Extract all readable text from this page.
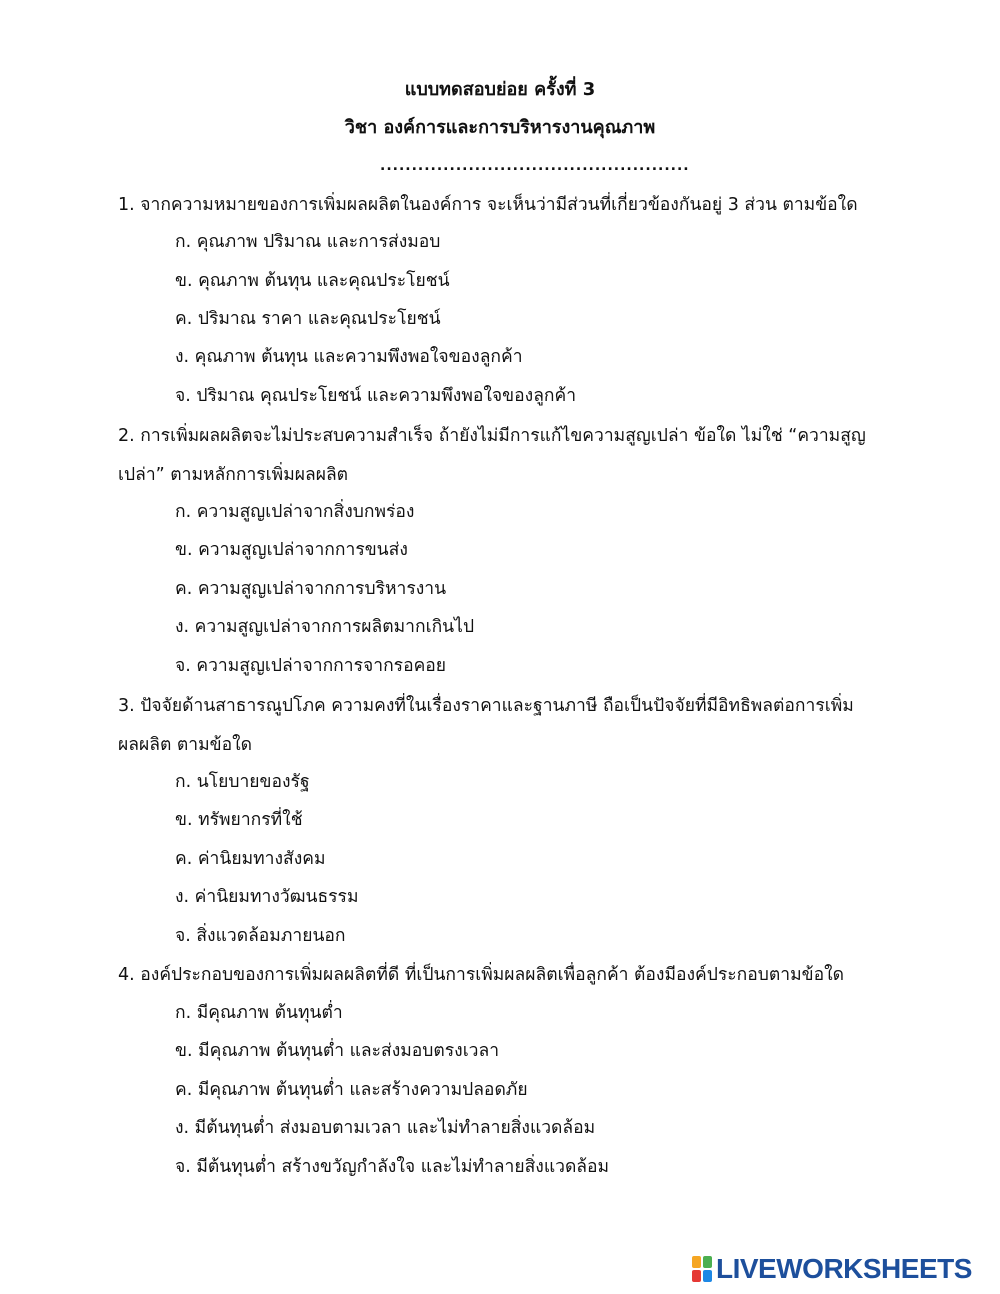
แบบทดสอบย่อย ครั้งที่ 3
วิชา องค์การและการบริหารงานคุณภาพ
.................................................
1. จากความหมายของการเพิ่มผลผลิตในองค์การ จะเห็นว่ามีส่วนที่เกี่ยวข้องกันอยู่ 3 ส่วน ตามข้อใด
ก. คุณภาพ ปริมาณ และการส่งมอบ
ข. คุณภาพ ต้นทุน และคุณประโยชน์
ค. ปริมาณ ราคา และคุณประโยชน์
ง. คุณภาพ ต้นทุน และความพึงพอใจของลูกค้า
จ. ปริมาณ คุณประโยชน์ และความพึงพอใจของลูกค้า
2. การเพิ่มผลผลิตจะไม่ประสบความสำเร็จ ถ้ายังไม่มีการแก้ไขความสูญเปล่า ข้อใด ไม่ใช่ “ความสูญเปล่า” ตามหลักการเพิ่มผลผลิต
ก. ความสูญเปล่าจากสิ่งบกพร่อง
ข. ความสูญเปล่าจากการขนส่ง
ค. ความสูญเปล่าจากการบริหารงาน
ง. ความสูญเปล่าจากการผลิตมากเกินไป
จ. ความสูญเปล่าจากการจากรอคอย
3. ปัจจัยด้านสาธารณูปโภค ความคงที่ในเรื่องราคาและฐานภาษี ถือเป็นปัจจัยที่มีอิทธิพลต่อการเพิ่มผลผลิต ตามข้อใด
ก. นโยบายของรัฐ
ข. ทรัพยากรที่ใช้
ค. ค่านิยมทางสังคม
ง. ค่านิยมทางวัฒนธรรม
จ. สิ่งแวดล้อมภายนอก
4. องค์ประกอบของการเพิ่มผลผลิตที่ดี ที่เป็นการเพิ่มผลผลิตเพื่อลูกค้า ต้องมีองค์ประกอบตามข้อใด
ก. มีคุณภาพ ต้นทุนต่ำ
ข. มีคุณภาพ ต้นทุนต่ำ และส่งมอบตรงเวลา
ค. มีคุณภาพ ต้นทุนต่ำ และสร้างความปลอดภัย
ง. มีต้นทุนต่ำ ส่งมอบตามเวลา และไม่ทำลายสิ่งแวดล้อม
จ. มีต้นทุนต่ำ สร้างขวัญกำลังใจ และไม่ทำลายสิ่งแวดล้อม
LIVEWORKSHEETS
